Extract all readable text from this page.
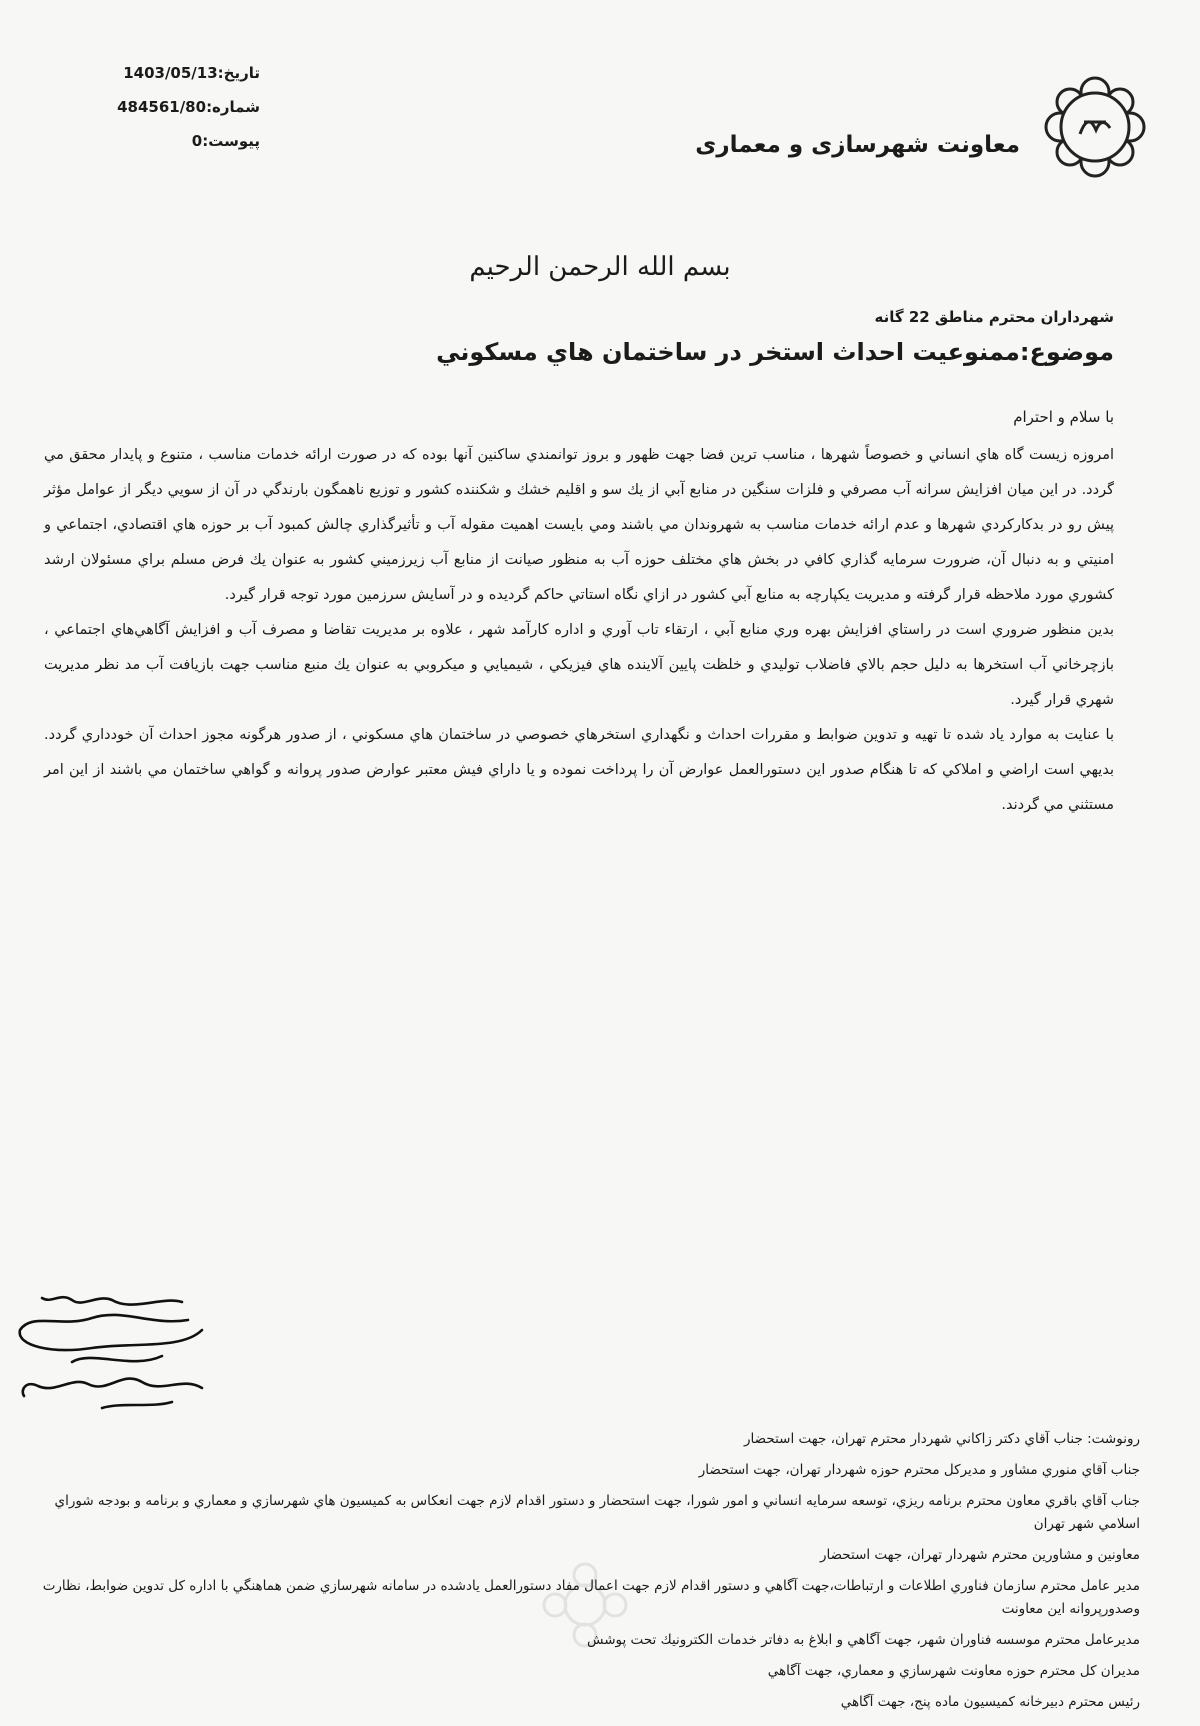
تاريخ:1403/05/13
شماره:484561/80
پيوست:0	معاونت شهرسازی و معماری
بسم الله الرحمن الرحيم
شهرداران محترم مناطق 22 گانه
موضوع:ممنوعيت احداث استخر در ساختمان هاي مسكوني
با سلام و احترام

امروزه زيست گاه هاي انساني و خصوصاً شهرها ، مناسب ترين فضا جهت ظهور و بروز توانمندي ساكنين آنها بوده كه در صورت ارائه خدمات مناسب ، متنوع و پايدار محقق مي گردد. در اين ميان افزايش سرانه آب مصرفي و فلزات سنگين در منابع آبي از يك سو و اقليم خشك و شكننده كشور و توزيع ناهمگون بارندگي در آن از سويي ديگر از عوامل مؤثر پيش رو در بدكاركردي شهرها و عدم ارائه خدمات مناسب به شهروندان مي باشند ومي بايست اهميت مقوله آب و تأثيرگذاري چالش كمبود آب بر حوزه هاي اقتصادي، اجتماعي و امنيتي و به دنبال آن، ضرورت سرمايه گذاري كافي در بخش هاي مختلف حوزه آب به منظور صيانت از منابع آب زيرزميني كشور به عنوان يك فرض مسلم براي مسئولان ارشد كشوري مورد ملاحظه قرار گرفته و مديريت يكپارچه به منابع آبي كشور در ازاي نگاه استاتي حاكم گرديده و در آسايش سرزمين مورد توجه قرار گيرد.

بدين منظور ضروري است در راستاي افزايش بهره وري منابع آبي ، ارتقاء تاب آوري و اداره كارآمد شهر ، علاوه بر مديريت تقاضا و مصرف آب و افزايش آگاهي‌هاي اجتماعي ، بازچرخاني آب استخرها به دليل حجم بالاي فاضلاب توليدي و خلظت پايين آلاينده هاي فيزيكي ، شيميايي و ميكروبي به عنوان يك منبع مناسب جهت بازيافت آب مد نظر مديريت شهري قرار گيرد.

با عنايت به موارد ياد شده تا تهيه و تدوين ضوابط و مقررات احداث و نگهداري استخرهاي خصوصي در ساختمان هاي مسكوني ، از صدور هرگونه مجوز احداث آن خودداري گردد. بديهي است اراضي و املاكي كه تا هنگام صدور اين دستورالعمل عوارض آن را پرداخت نموده و يا داراي فيش معتبر عوارض صدور پروانه و گواهي ساختمان مي باشند از اين امر مستثني مي گردند.

رونوشت: جناب آقاي دكتر زاكاني شهردار محترم تهران، جهت استحضار
جناب آقاي منوري مشاور و مديركل محترم حوزه شهردار تهران، جهت استحضار
جناب آقاي باقري معاون محترم برنامه ريزي، توسعه سرمايه انساني و امور شورا، جهت استحضار و دستور اقدام لازم جهت انعكاس به كميسيون هاي شهرسازي و معماري و برنامه و بودجه شوراي اسلامي شهر تهران
معاونين و مشاورين محترم شهردار تهران، جهت استحضار
مدير عامل محترم سازمان فناوري اطلاعات و ارتباطات،جهت آگاهي و دستور اقدام لازم جهت اعمال مفاد دستورالعمل يادشده در سامانه شهرسازي ضمن هماهنگي با اداره كل تدوين ضوابط، نظارت وصدورپروانه اين معاونت
مديرعامل محترم موسسه فناوران شهر، جهت آگاهي و ابلاغ به دفاتر خدمات الكترونيك تحت پوشش
مديران كل محترم حوزه معاونت شهرسازي و معماري، جهت آگاهي
رئيس محترم دبيرخانه كميسيون ماده پنج، جهت آگاهي
